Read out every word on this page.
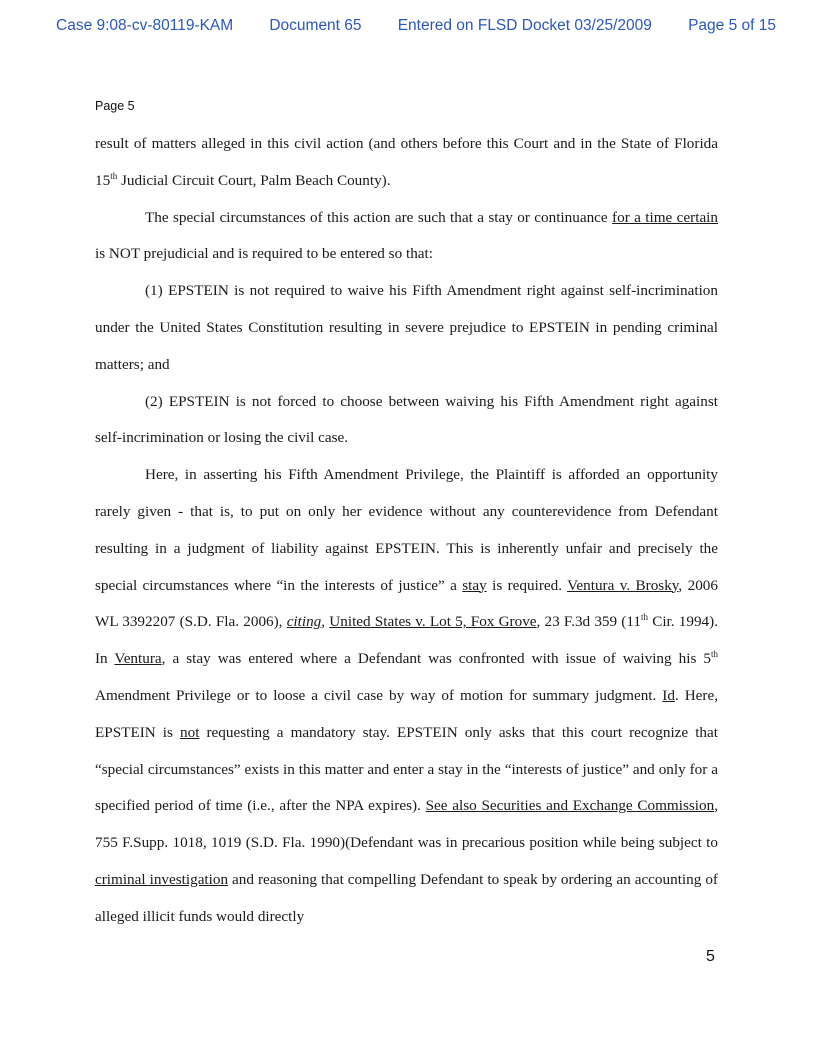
Case 9:08-cv-80119-KAM Document 65 Entered on FLSD Docket 03/25/2009 Page 5 of 15
Page 5

result of matters alleged in this civil action (and others before this Court and in the State of Florida 15th Judicial Circuit Court, Palm Beach County).

The special circumstances of this action are such that a stay or continuance for a time certain is NOT prejudicial and is required to be entered so that:

(1) EPSTEIN is not required to waive his Fifth Amendment right against self-incrimination under the United States Constitution resulting in severe prejudice to EPSTEIN in pending criminal matters; and

(2) EPSTEIN is not forced to choose between waiving his Fifth Amendment right against self-incrimination or losing the civil case.

Here, in asserting his Fifth Amendment Privilege, the Plaintiff is afforded an opportunity rarely given - that is, to put on only her evidence without any counterevidence from Defendant resulting in a judgment of liability against EPSTEIN. This is inherently unfair and precisely the special circumstances where “in the interests of justice” a stay is required. Ventura v. Brosky, 2006 WL 3392207 (S.D. Fla. 2006), citing, United States v. Lot 5, Fox Grove, 23 F.3d 359 (11th Cir. 1994). In Ventura, a stay was entered where a Defendant was confronted with issue of waiving his 5th Amendment Privilege or to loose a civil case by way of motion for summary judgment. Id. Here, EPSTEIN is not requesting a mandatory stay. EPSTEIN only asks that this court recognize that “special circumstances” exists in this matter and enter a stay in the “interests of justice” and only for a specified period of time (i.e., after the NPA expires). See also Securities and Exchange Commission, 755 F.Supp. 1018, 1019 (S.D. Fla. 1990)(Defendant was in precarious position while being subject to criminal investigation and reasoning that compelling Defendant to speak by ordering an accounting of alleged illicit funds would directly

5
